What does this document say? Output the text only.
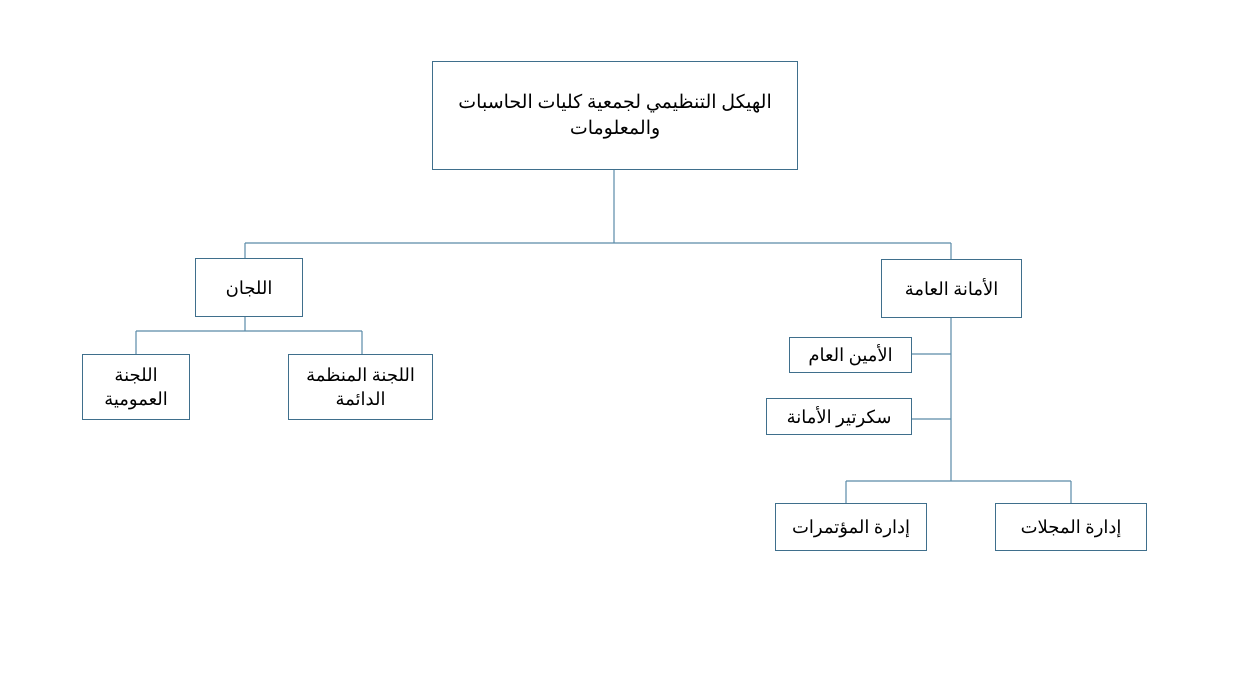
الهيكل التنظيمي لجمعية كليات الحاسبات والمعلومات
اللجان	الأمانة العامة
اللجنة العمومية
اللجنة المنظمة الدائمة
الأمين العام
سكرتير الأمانة
إدارة المؤتمرات	إدارة المجلات
